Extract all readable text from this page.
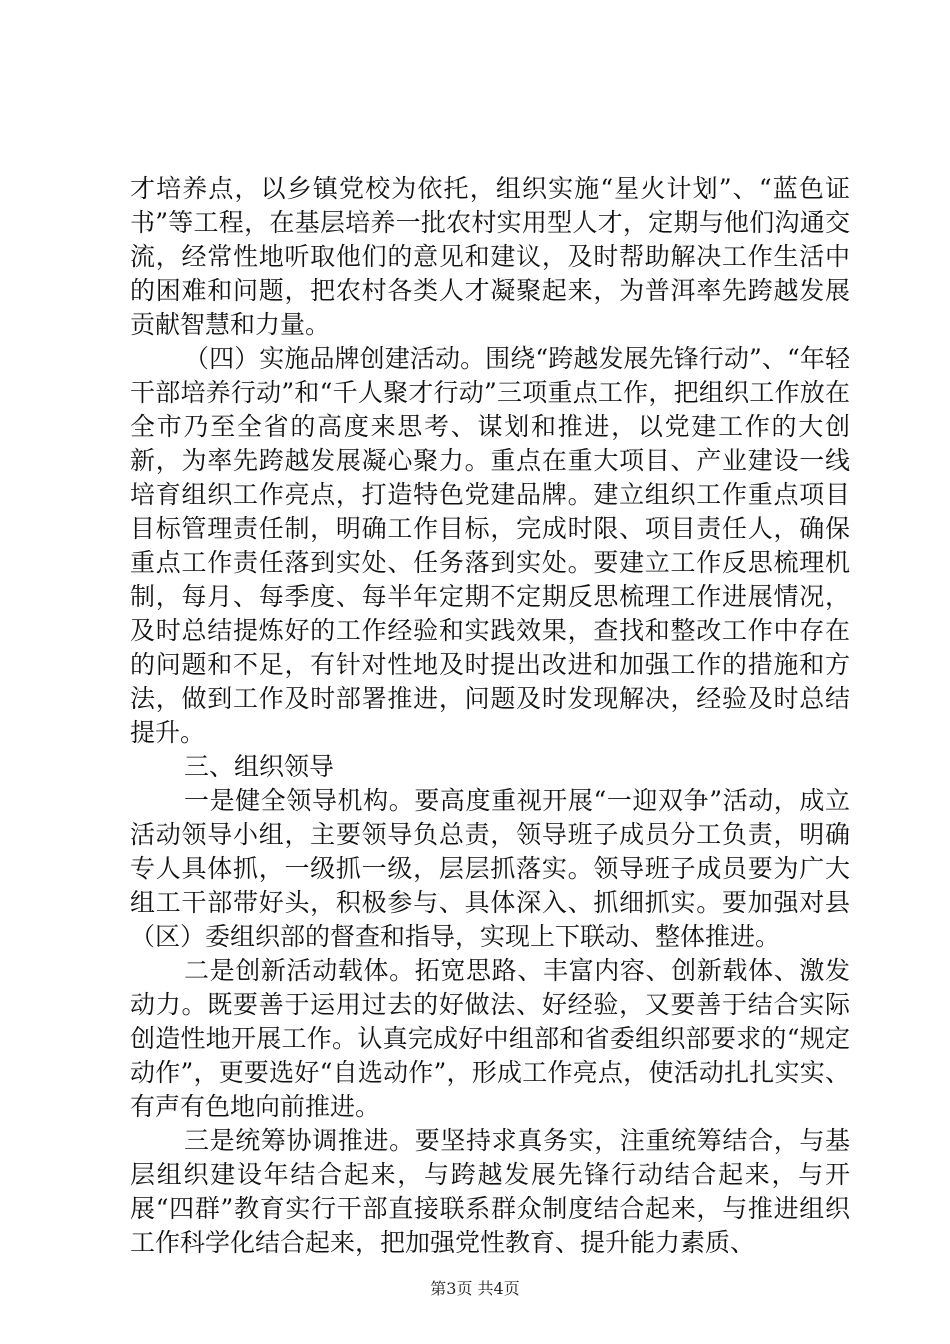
才培养点，以乡镇党校为依托，组织实施“星火计划”、“蓝色证书”等工程，在基层培养一批农村实用型人才，定期与他们沟通交流，经常性地听取他们的意见和建议，及时帮助解决工作生活中的困难和问题，把农村各类人才凝聚起来，为普洱率先跨越发展贡献智慧和力量。

（四）实施品牌创建活动。围绕“跨越发展先锋行动”、“年轻干部培养行动”和“千人聚才行动”三项重点工作，把组织工作放在全市乃至全省的高度来思考、谋划和推进，以党建工作的大创新，为率先跨越发展凝心聚力。重点在重大项目、产业建设一线培育组织工作亮点，打造特色党建品牌。建立组织工作重点项目目标管理责任制，明确工作目标，完成时限、项目责任人，确保重点工作责任落到实处、任务落到实处。要建立工作反思梳理机制，每月、每季度、每半年定期不定期反思梳理工作进展情况，及时总结提炼好的工作经验和实践效果，查找和整改工作中存在的问题和不足，有针对性地及时提出改进和加强工作的措施和方法，做到工作及时部署推进，问题及时发现解决，经验及时总结提升。

三、组织领导

一是健全领导机构。要高度重视开展“一迎双争”活动，成立活动领导小组，主要领导负总责，领导班子成员分工负责，明确专人具体抓，一级抓一级，层层抓落实。领导班子成员要为广大组工干部带好头，积极参与、具体深入、抓细抓实。要加强对县（区）委组织部的督查和指导，实现上下联动、整体推进。

二是创新活动载体。拓宽思路、丰富内容、创新载体、激发动力。既要善于运用过去的好做法、好经验，又要善于结合实际创造性地开展工作。认真完成好中组部和省委组织部要求的“规定动作”，更要选好“自选动作”，形成工作亮点，使活动扎扎实实、有声有色地向前推进。

三是统筹协调推进。要坚持求真务实，注重统筹结合，与基层组织建设年结合起来，与跨越发展先锋行动结合起来，与开展“四群”教育实行干部直接联系群众制度结合起来，与推进组织工作科学化结合起来，把加强党性教育、提升能力素质、

第3页 共4页
